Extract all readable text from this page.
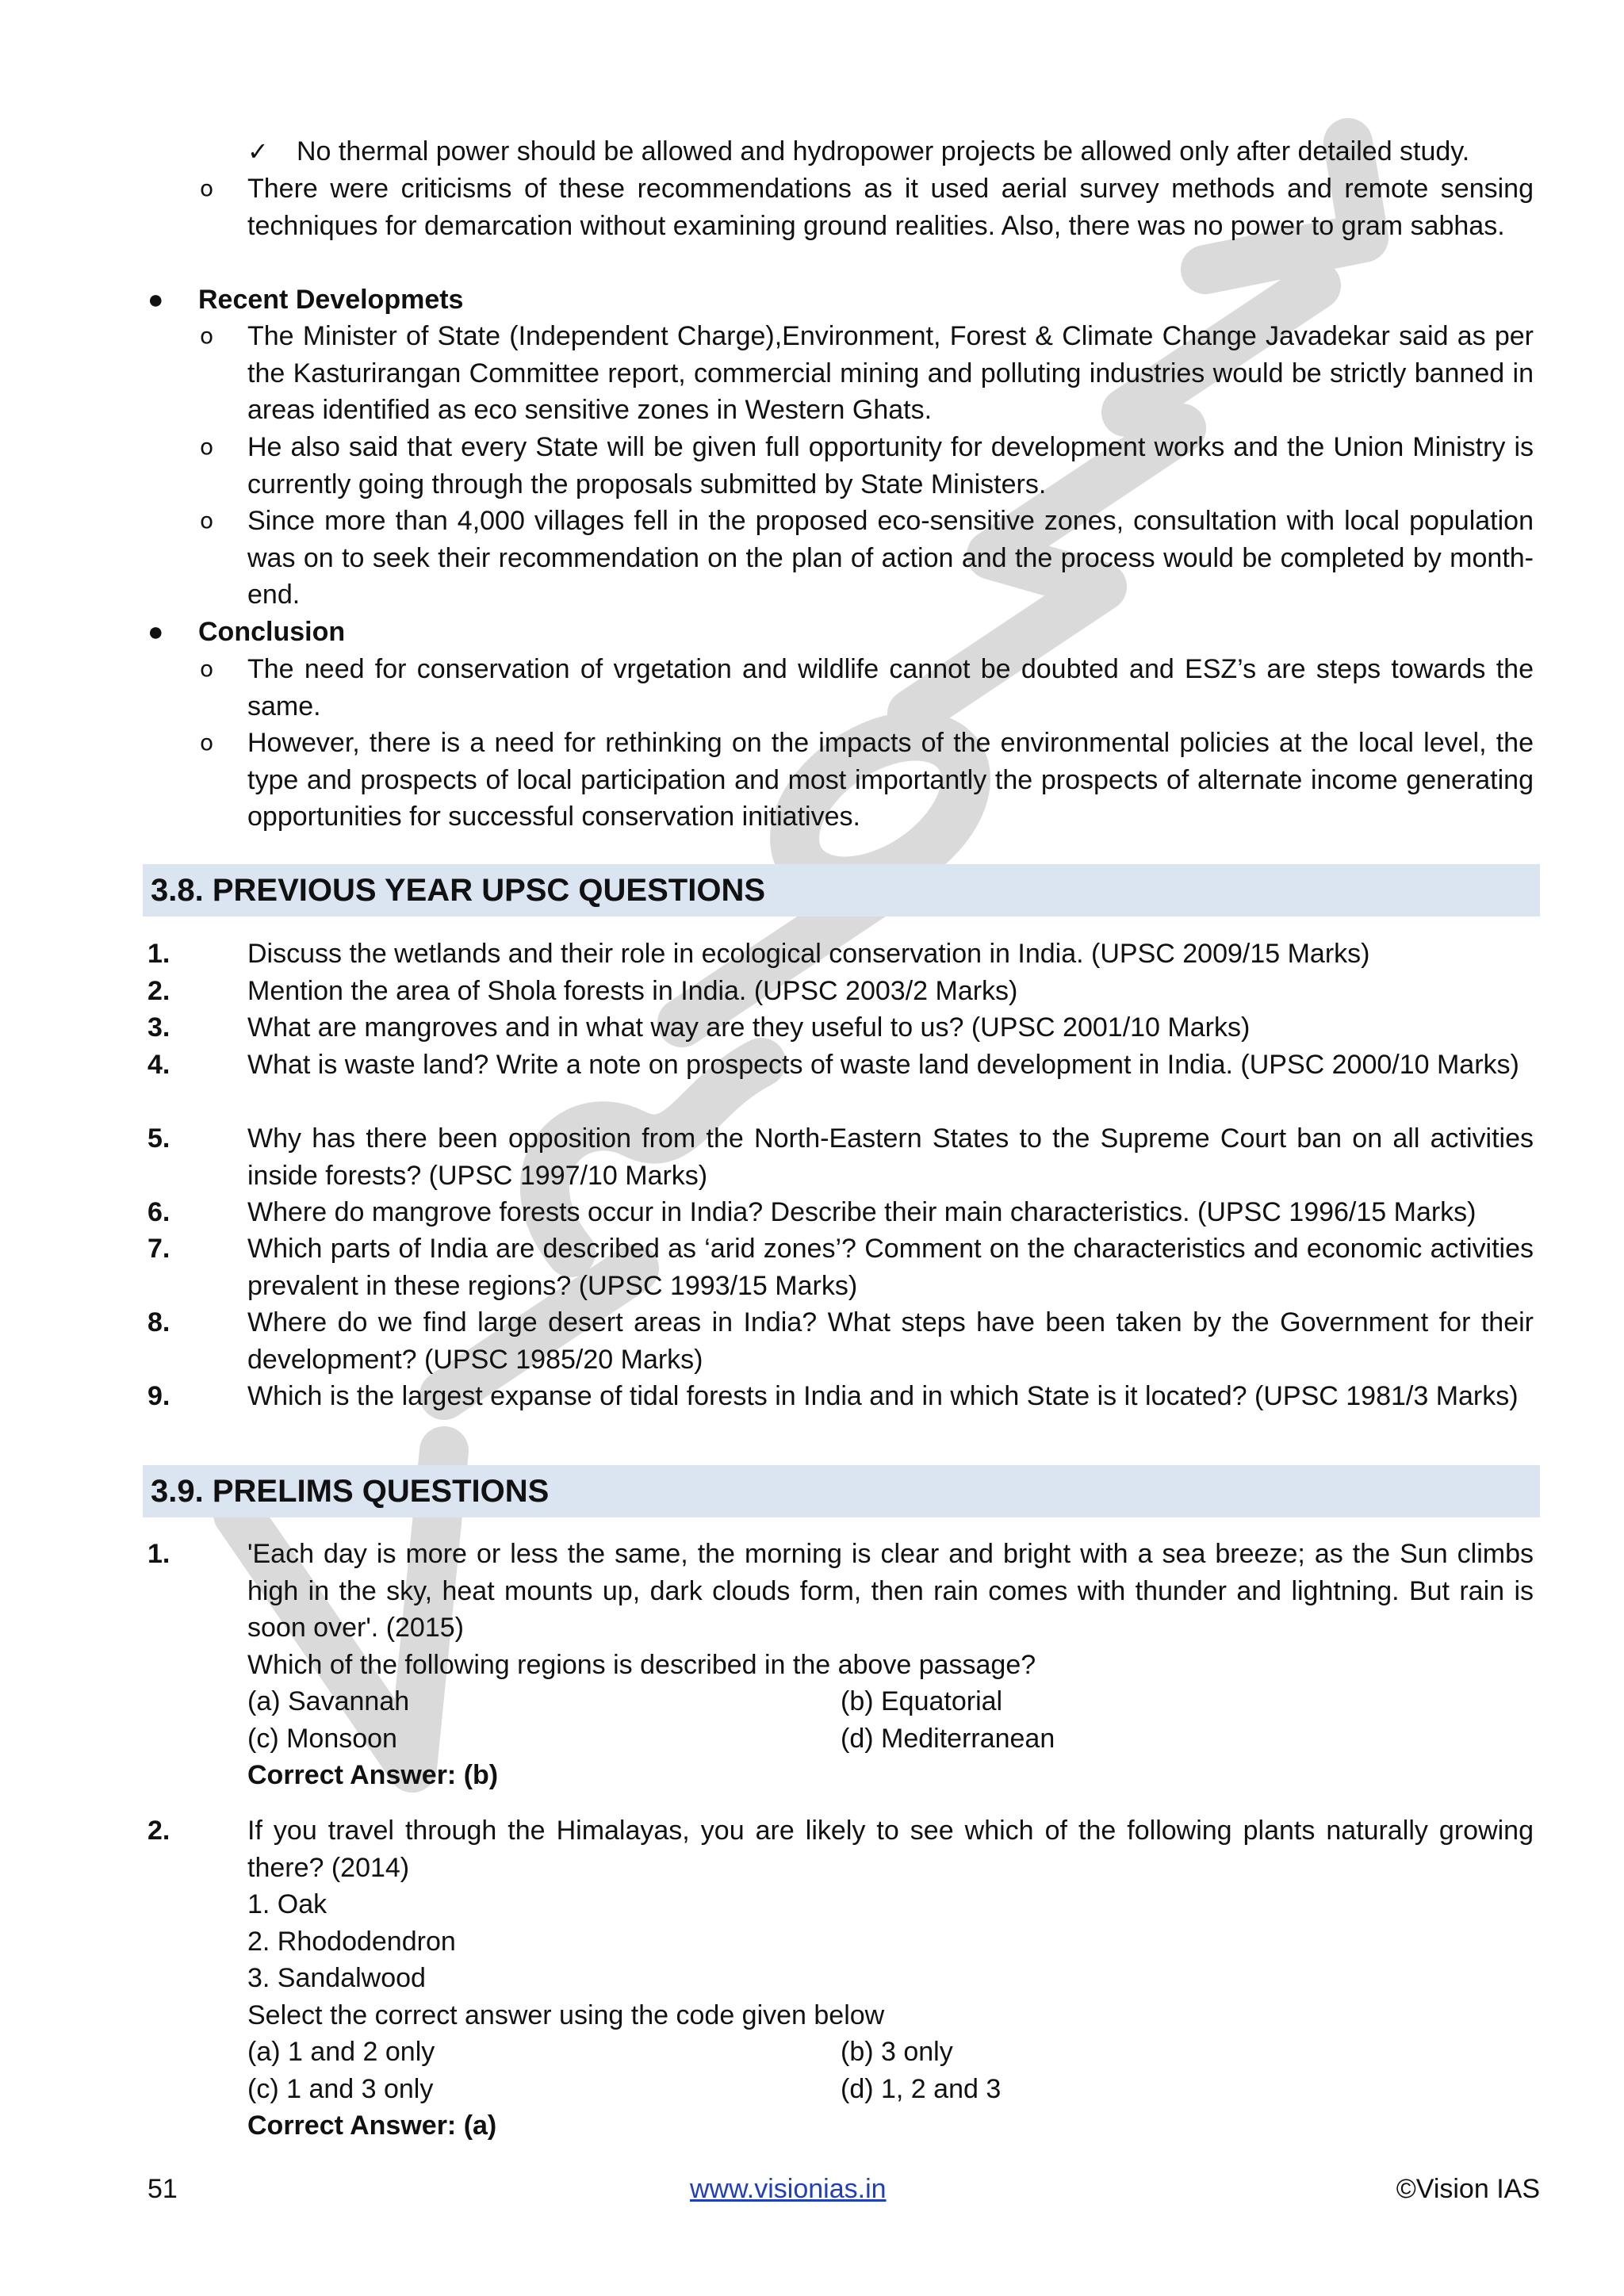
✓ No thermal power should be allowed and hydropower projects be allowed only after detailed study.
o There were criticisms of these recommendations as it used aerial survey methods and remote sensing techniques for demarcation without examining ground realities. Also, there was no power to gram sabhas.
● Recent Developmets
o The Minister of State (Independent Charge),Environment, Forest & Climate Change Javadekar said as per the Kasturirangan Committee report, commercial mining and polluting industries would be strictly banned in areas identified as eco sensitive zones in Western Ghats.
o He also said that every State will be given full opportunity for development works and the Union Ministry is currently going through the proposals submitted by State Ministers.
o Since more than 4,000 villages fell in the proposed eco-sensitive zones, consultation with local population was on to seek their recommendation on the plan of action and the process would be completed by month-end.
● Conclusion
o The need for conservation of vrgetation and wildlife cannot be doubted and ESZ’s are steps towards the same.
o However, there is a need for rethinking on the impacts of the environmental policies at the local level, the type and prospects of local participation and most importantly the prospects of alternate income generating opportunities for successful conservation initiatives.
3.8. PREVIOUS YEAR UPSC QUESTIONS
1.	Discuss the wetlands and their role in ecological conservation in India. (UPSC 2009/15 Marks)
2.	Mention the area of Shola forests in India. (UPSC 2003/2 Marks)
3.	What are mangroves and in what way are they useful to us? (UPSC 2001/10 Marks)
4.	What is waste land? Write a note on prospects of waste land development in India. (UPSC 2000/10 Marks)
5.	Why has there been opposition from the North-Eastern States to the Supreme Court ban on all activities inside forests? (UPSC 1997/10 Marks)
6.	Where do mangrove forests occur in India? Describe their main characteristics. (UPSC 1996/15 Marks)
7.	Which parts of India are described as ‘arid zones’? Comment on the characteristics and economic activities prevalent in these regions? (UPSC 1993/15 Marks)
8.	Where do we find large desert areas in India? What steps have been taken by the Government for their development? (UPSC 1985/20 Marks)
9.	Which is the largest expanse of tidal forests in India and in which State is it located? (UPSC 1981/3 Marks)
3.9. PRELIMS QUESTIONS
1.	'Each day is more or less the same, the morning is clear and bright with a sea breeze; as the Sun climbs high in the sky, heat mounts up, dark clouds form, then rain comes with thunder and lightning. But rain is soon over'. (2015)
Which of the following regions is described in the above passage?
(a) Savannah	(b) Equatorial
(c) Monsoon	(d) Mediterranean
Correct Answer: (b)
2.	If you travel through the Himalayas, you are likely to see which of the following plants naturally growing there? (2014)
1. Oak
2. Rhododendron
3. Sandalwood
Select the correct answer using the code given below
(a) 1 and 2 only	(b) 3 only
(c) 1 and 3 only	(d) 1, 2 and 3
Correct Answer: (a)
51	www.visionias.in	©Vision IAS
